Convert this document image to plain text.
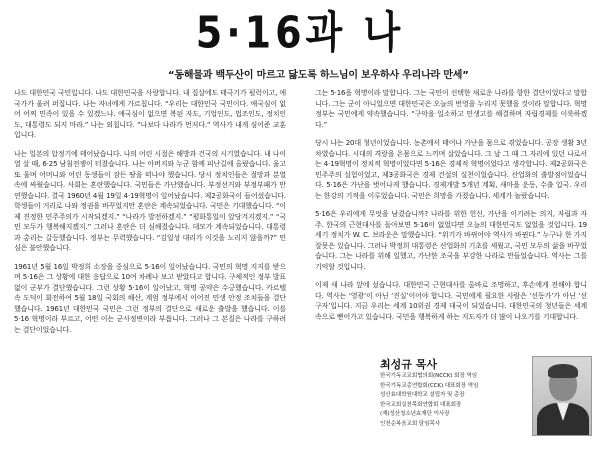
5·16과 나
“동해물과 백두산이 마르고 닳도록 하느님이 보우하사 우리나라 만세”

나도 대한민국 국민입니다. 나도 대한민국을 사랑합니다. 내 집살에도 태극기가 펄럭이고, 애국가가 울려 퍼집니다. 나는 자녀에게 가르칩니다. “우리는 대한민국 국민이다. 애국심이 없어 어찌 민족이 있을 수 있겠느냐. 애국심이 없으면 복된 자도, 기업인도, 법조인도, 정치인도, 대통령도 되지 마라.” 나는 외칩니다. “나보다 나라가 먼저다.” 역사가 내게 심어준 교훈입니다.

나는 일본의 압정기에 태어났습니다. 나의 어린 시절은 해방과 건국의 시기였습니다. 내 나이 열 살 때, 6·25 남침전쟁이 터졌습니다. 나는 아버지와 누군 함께 피난길에 올랐습니다. 울고 또 울며 어머니와 어린 동생들이 잠든 땅을 떠나야 했습니다. 당시 정치인들은 절망과 분열 속에 싸웠습니다. 사회는 혼란했습니다. 국민들은 가난했습니다. 부정선거와 부정부패가 만연했습니다. 결국 1960년 4월 19일 4·19혁명이 일어났습니다. 제2공화국이 들어섰습니다. 학생들이 거리로 나와 정권을 바꾸었지만 혼란은 계속되었습니다. 국민은 기대했습니다. “이제 진정한 민주주의가 시작되겠지.” “나라가 발전하겠지.” “평화통일이 앞당겨지겠지.” “국민 모두가 행복해지겠지.” 그러나 혼란은 더 심해졌습니다. 데모가 계속되었습니다. 대통령과 총리는 갈등했습니다. 정부는 무력했습니다. “김일성 대리가 이것을 노리지 않을까?” 민심은 불안했습니다.

1961년 5월 16일 박정희 소장을 중심으로 5·16이 일어났습니다. 국민의 혁명 지지를 받으며 5·16은 그 상황에 대한 응답으로 10여 차례나 보고 받았다고 합니다. 구체적인 정부 발표 없이 군부가 결단했습니다. 그런 상황 5·16이 일어났고, 혁명 공약은 수긍했습니다. 카르텔 속 도덕이 회전하여 5월 18일 국회의 해산, 계엄 정부에서 이어진 민생 안정 조치들을 결단했습니다. 1961년 대한민국 국민은 그런 정부의 결단으로 새로운 출발을 했습니다. 이를 5·16 혁명이라 부르고, 어떤 이는 군사정변이라 부릅니다. 그러나 그 본질은 나라를 구하려는 결단이었습니다.

그는 5·16을 혁명이라 말합니다. 그는 국민이 선택한 새로운 나라를 향한 결단이었다고 말합니다. 그는 군이 아니었으면 대한민국은 오늘의 번영을 누리지 못했을 것이라 말합니다. 혁명 정부는 국민에게 약속했습니다. “구악을 일소하고 민생고를 해결하며 자립경제를 이룩하겠다.”

당시 나는 20대 청년이었습니다. 농촌에서 태어나 가난을 몸으로 겪었습니다. 공장 생활 3년 차였습니다. 시대의 격랑을 온몸으로 느끼며 살았습니다. 그 날 그 때 그 자리에 있던 나로서는 4·19혁명이 정치적 혁명이었다면 5·16은 경제적 혁명이었다고 생각합니다. 제2공화국은 민주주의 실험이었고, 제3공화국은 경제 건설의 실천이었습니다. 산업화의 출발점이었습니다. 5·16은 가난을 벗어나게 했습니다. 경제개발 5개년 계획, 새마을 운동, 수출 입국. 우리는 한강의 기적을 이루었습니다. 국민은 희망을 가졌습니다. 세계가 놀랐습니다.

5·16은 우리에게 무엇을 남겼습니까? 나라를 위한 헌신, 가난을 이기려는 의지, 자립과 자주. 한국의 근현대사를 돌아보면 5·16이 없었다면 오늘의 대한민국도 없었을 것입니다. 19세기 정치가 W. C. 브라운은 말했습니다. “위기가 바뀌어야 역사가 바뀐다.” 누구나 한 가지 잘못은 있습니다. 그러나 박정희 대통령은 산업화의 기초를 세웠고, 국민 모두의 삶을 바꾸었습니다. 그는 나라를 위해 일했고, 가난한 조국을 부강한 나라로 만들었습니다. 역사는 그를 기억할 것입니다.

이제 새 나라 앞에 섰습니다. 대한민국 근현대사를 올바로 조명하고, 후손에게 전해야 합니다. 역사는 ‘영광’이 아닌 ‘진실’이어야 합니다. 국민에게 필요한 사람은 ‘선동가’가 아닌 ‘선구자’입니다. 지금 우리는 세계 10위권 경제 대국이 되었습니다. 대한민국의 청년들은 세계 속으로 뻗어가고 있습니다. 국민을 행복하게 하는 지도자가 더 많이 나오기를 기대합니다.

최성규 목사
한국기독교교회협의회(NCCK) 회장 역임
한국기독교총연합회(CCK) 대표회장 역임
성산효대학원대학교 설립자 및 총장
한국교회실천목회연합회 대표회장
(재)성산청소년효재단 이사장
인천순복음교회 담임목사
